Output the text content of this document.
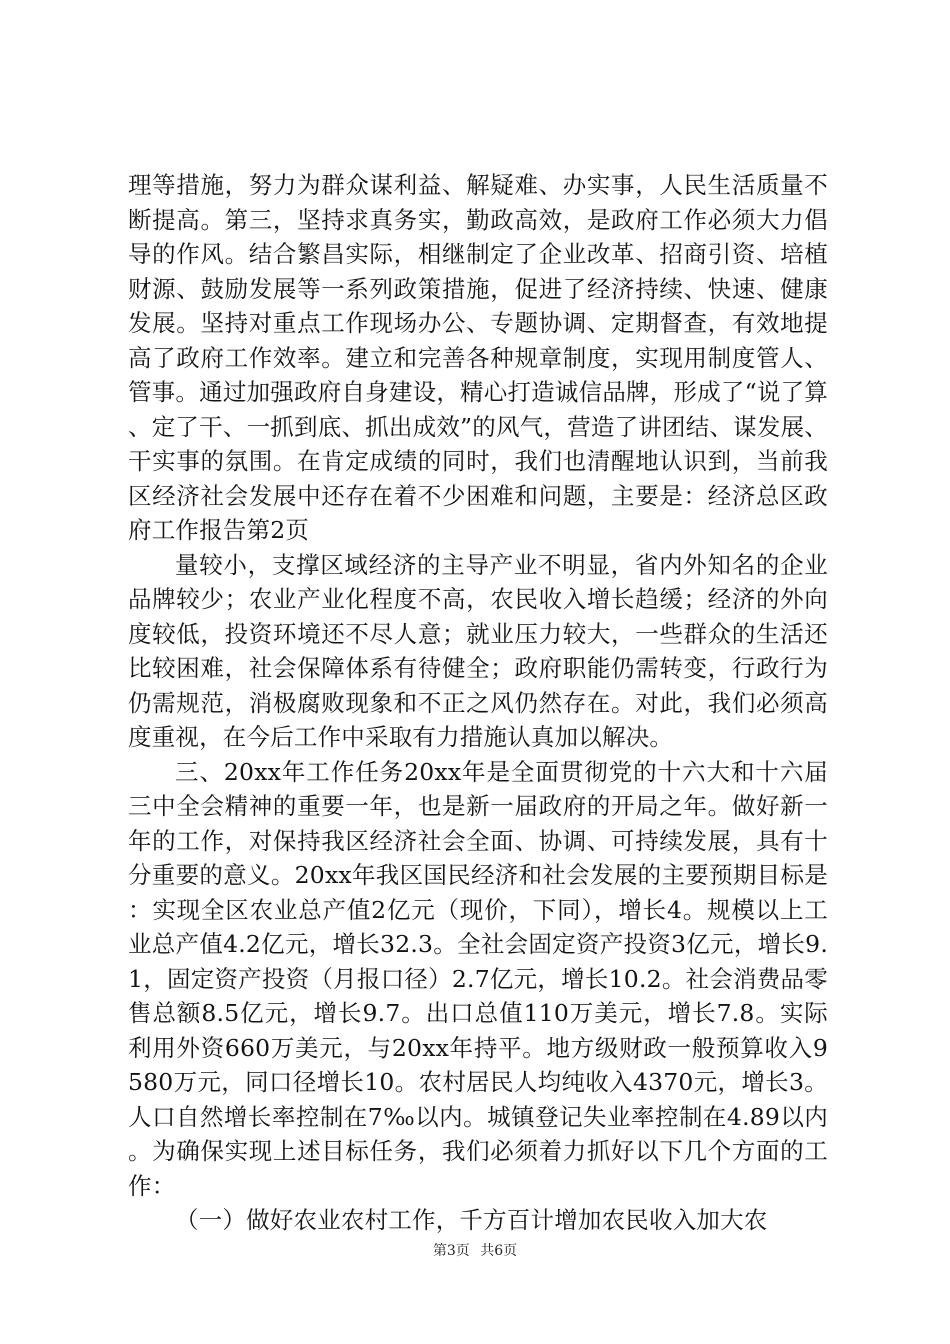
理等措施，努力为群众谋利益、解疑难、办实事，人民生活质量不断提高。第三，坚持求真务实，勤政高效，是政府工作必须大力倡导的作风。结合繁昌实际，相继制定了企业改革、招商引资、培植财源、鼓励发展等一系列政策措施，促进了经济持续、快速、健康发展。坚持对重点工作现场办公、专题协调、定期督查，有效地提高了政府工作效率。建立和完善各种规章制度，实现用制度管人、管事。通过加强政府自身建设，精心打造诚信品牌，形成了“说了算、定了干、一抓到底、抓出成效”的风气，营造了讲团结、谋发展、干实事的氛围。在肯定成绩的同时，我们也清醒地认识到，当前我区经济社会发展中还存在着不少困难和问题，主要是：经济总区政府工作报告第2页

量较小，支撑区域经济的主导产业不明显，省内外知名的企业品牌较少；农业产业化程度不高，农民收入增长趋缓；经济的外向度较低，投资环境还不尽人意；就业压力较大，一些群众的生活还比较困难，社会保障体系有待健全；政府职能仍需转变，行政行为仍需规范，消极腐败现象和不正之风仍然存在。对此，我们必须高度重视，在今后工作中采取有力措施认真加以解决。

三、20xx年工作任务20xx年是全面贯彻党的十六大和十六届三中全会精神的重要一年，也是新一届政府的开局之年。做好新一年的工作，对保持我区经济社会全面、协调、可持续发展，具有十分重要的意义。20xx年我区国民经济和社会发展的主要预期目标是：实现全区农业总产值2亿元（现价，下同），增长4。规模以上工业总产值4.2亿元，增长32.3。全社会固定资产投资3亿元，增长9.1，固定资产投资（月报口径）2.7亿元，增长10.2。社会消费品零售总额8.5亿元，增长9.7。出口总值110万美元，增长7.8。实际利用外资660万美元，与20xx年持平。地方级财政一般预算收入9580万元，同口径增长10。农村居民人均纯收入4370元，增长3。人口自然增长率控制在7‰以内。城镇登记失业率控制在4.89以内。为确保实现上述目标任务，我们必须着力抓好以下几个方面的工作：

（一）做好农业农村工作，千方百计增加农民收入加大农

第3页 共6页
